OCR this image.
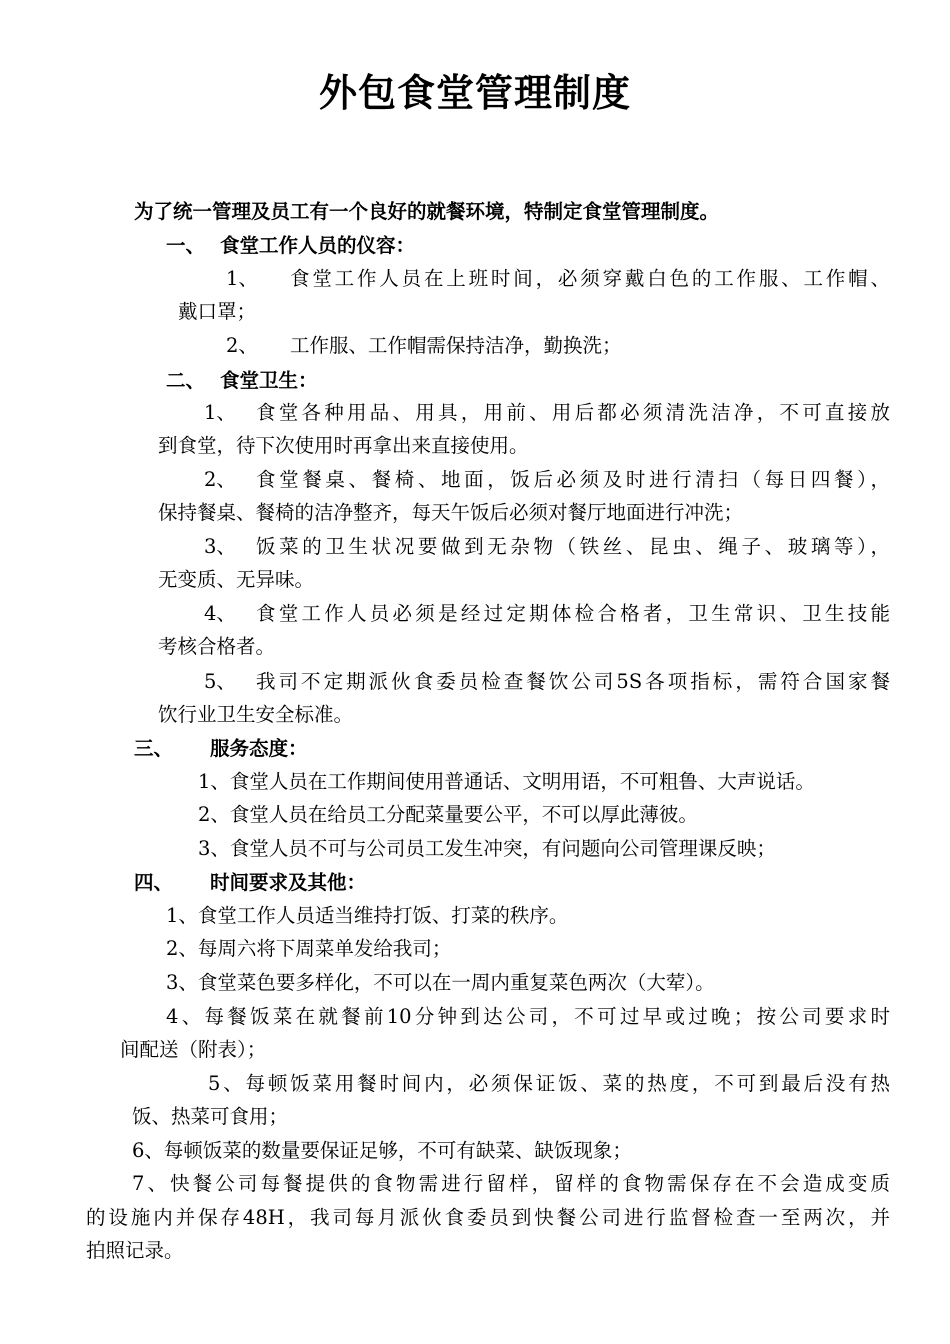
外包食堂管理制度
为了统一管理及员工有一个良好的就餐环境，特制定食堂管理制度。
一、 食堂工作人员的仪容：
1、 食堂工作人员在上班时间，必须穿戴白色的工作服、工作帽、
戴口罩；
2、 工作服、工作帽需保持洁净，勤换洗；
二、 食堂卫生：
1、 食堂各种用品、用具，用前、用后都必须清洗洁净，不可直接放
到食堂，待下次使用时再拿出来直接使用。
2、 食堂餐桌、餐椅、地面，饭后必须及时进行清扫（每日四餐），
保持餐桌、餐椅的洁净整齐，每天午饭后必须对餐厅地面进行冲洗；
3、 饭菜的卫生状况要做到无杂物（铁丝、昆虫、绳子、玻璃等），
无变质、无异味。
4、 食堂工作人员必须是经过定期体检合格者，卫生常识、卫生技能
考核合格者。
5、 我司不定期派伙食委员检查餐饮公司5S各项指标，需符合国家餐
饮行业卫生安全标准。
三、 服务态度：
1、食堂人员在工作期间使用普通话、文明用语，不可粗鲁、大声说话。
2、食堂人员在给员工分配菜量要公平，不可以厚此薄彼。
3、食堂人员不可与公司员工发生冲突，有问题向公司管理课反映；
四、 时间要求及其他：
1、食堂工作人员适当维持打饭、打菜的秩序。
2、每周六将下周菜单发给我司；
3、食堂菜色要多样化，不可以在一周内重复菜色两次（大荤）。
4、每餐饭菜在就餐前10分钟到达公司，不可过早或过晚；按公司要求时
间配送（附表）；
5、每顿饭菜用餐时间内，必须保证饭、菜的热度，不可到最后没有热
饭、热菜可食用；
6、每顿饭菜的数量要保证足够，不可有缺菜、缺饭现象；
7、快餐公司每餐提供的食物需进行留样，留样的食物需保存在不会造成变质
的设施内并保存48H，我司每月派伙食委员到快餐公司进行监督检查一至两次，并
拍照记录。
